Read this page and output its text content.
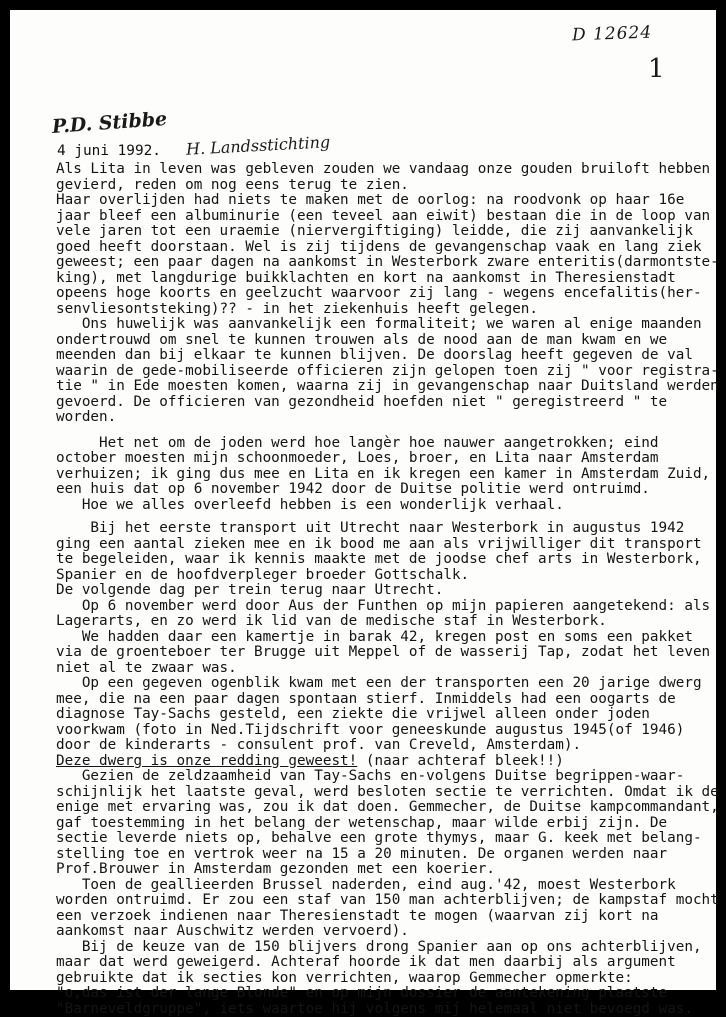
D 12624
1
P.D. Stibbe
H. Landsstichting
4 juni 1992.
Als Lita in leven was gebleven zouden we vandaag onze gouden bruiloft hebben
gevierd, reden om nog eens terug te zien.
Haar overlijden had niets te maken met de oorlog: na roodvonk op haar 16e
jaar bleef een albuminurie (een teveel aan eiwit) bestaan die in de loop van
vele jaren tot een uraemie (niervergiftiging) leidde, die zij aanvankelijk
goed heeft doorstaan. Wel is zij tijdens de gevangenschap vaak en lang ziek
geweest; een paar dagen na aankomst in Westerbork zware enteritis(darmontste-
king), met langdurige buikklachten en kort na aankomst in Theresienstadt
opeens hoge koorts en geelzucht waarvoor zij lang - wegens encefalitis(her-
senvliesontsteking)?? - in het ziekenhuis heeft gelegen.
Ons huwelijk was aanvankelijk een formaliteit; we waren al enige maanden
ondertrouwd om snel te kunnen trouwen als de nood aan de man kwam en we
meenden dan bij elkaar te kunnen blijven. De doorslag heeft gegeven de val
waarin de gede-mobiliseerde officieren zijn gelopen toen zij " voor registra-
tie " in Ede moesten komen, waarna zij in gevangenschap naar Duitsland werden
gevoerd. De officieren van gezondheid hoefden niet " geregistreerd " te
worden.
Het net om de joden werd hoe langèr hoe nauwer aangetrokken; eind
october moesten mijn schoonmoeder, Loes, broer, en Lita naar Amsterdam
verhuizen; ik ging dus mee en Lita en ik kregen een kamer in Amsterdam Zuid,
een huis dat op 6 november 1942 door de Duitse politie werd ontruimd.
Hoe we alles overleefd hebben is een wonderlijk verhaal.
Bij het eerste transport uit Utrecht naar Westerbork in augustus 1942
ging een aantal zieken mee en ik bood me aan als vrijwilliger dit transport
te begeleiden, waar ik kennis maakte met de joodse chef arts in Westerbork,
Spanier en de hoofdverpleger broeder Gottschalk.
De volgende dag per trein terug naar Utrecht.
Op 6 november werd door Aus der Funthen op mijn papieren aangetekend: als
Lagerarts, en zo werd ik lid van de medische staf in Westerbork.
We hadden daar een kamertje in barak 42, kregen post en soms een pakket
via de groenteboer ter Brugge uit Meppel of de wasserij Tap, zodat het leven
niet al te zwaar was.
Op een gegeven ogenblik kwam met een der transporten een 20 jarige dwerg
mee, die na een paar dagen spontaan stierf. Inmiddels had een oogarts de
diagnose Tay-Sachs gesteld, een ziekte die vrijwel alleen onder joden
voorkwam (foto in Ned.Tijdschrift voor geneeskunde augustus 1945(of 1946)
door de kinderarts - consulent prof. van Creveld, Amsterdam).
Deze dwerg is onze redding geweest! (naar achteraf bleek!!)
Gezien de zeldzaamheid van Tay-Sachs en-volgens Duitse begrippen-waar-
schijnlijk het laatste geval, werd besloten sectie te verrichten. Omdat ik de
enige met ervaring was, zou ik dat doen. Gemmecher, de Duitse kampcommandant,
gaf toestemming in het belang der wetenschap, maar wilde erbij zijn. De
sectie leverde niets op, behalve een grote thymys, maar G. keek met belang-
stelling toe en vertrok weer na 15 a 20 minuten. De organen werden naar
Prof.Brouwer in Amsterdam gezonden met een koerier.
Toen de geallieerden Brussel naderden, eind aug.'42, moest Westerbork
worden ontruimd. Er zou een staf van 150 man achterblijven; de kampstaf mocht
een verzoek indienen naar Theresienstadt te mogen (waarvan zij kort na
aankomst naar Auschwitz werden vervoerd).
Bij de keuze van de 150 blijvers drong Spanier aan op ons achterblijven,
maar dat werd geweigerd. Achteraf hoorde ik dat men daarbij als argument
gebruikte dat ik secties kon verrichten, waarop Gemmecher opmerkte:
"o,das ist der lange Blonde" en op mijn dossier de aantekening plaatste
"Barneveldgruppe", iets waartoe hij volgens mij helemaal niet bevoegd was.
